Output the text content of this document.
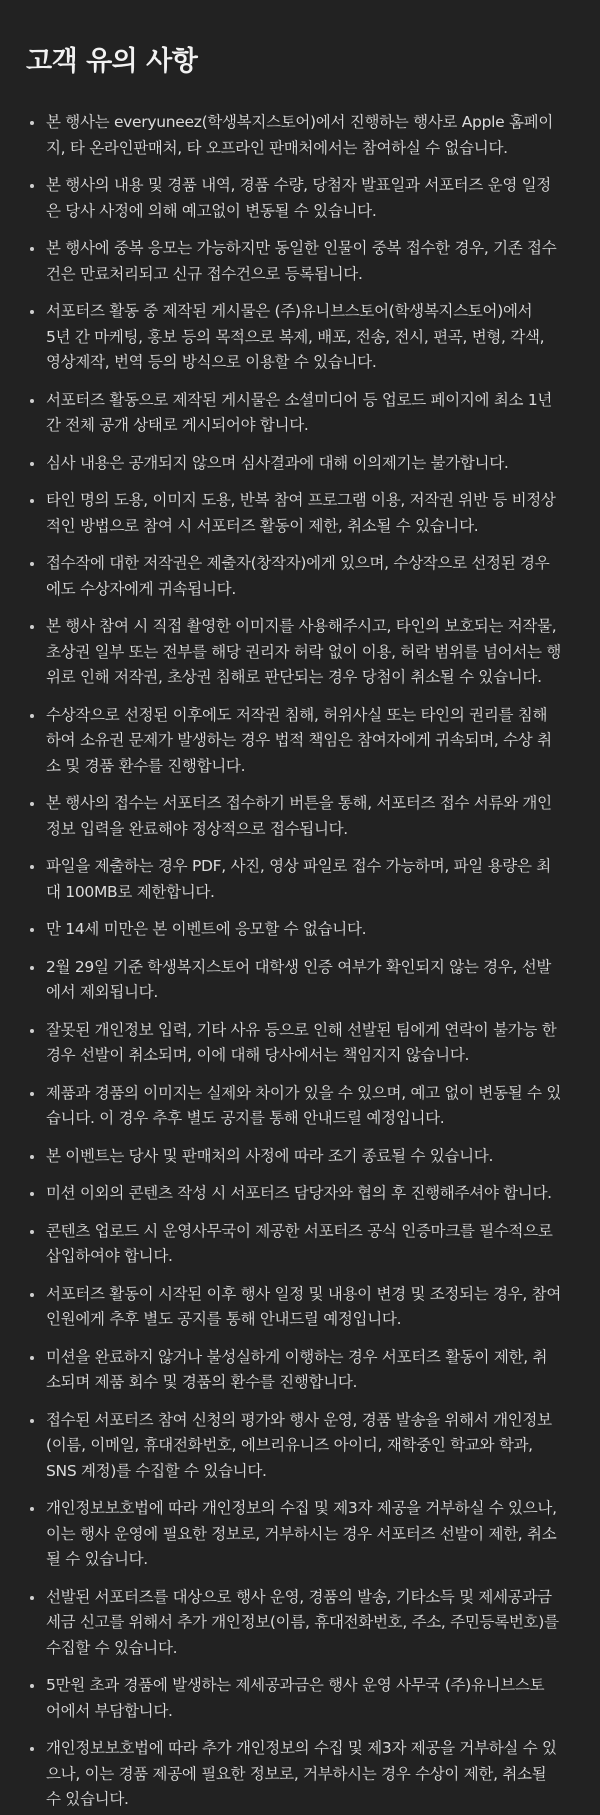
고객 유의 사항
본 행사는 everyuneez(학생복지스토어)에서 진행하는 행사로 Apple 홈페이
지, 타 온라인판매처, 타 오프라인 판매처에서는 참여하실 수 없습니다.
본 행사의 내용 및 경품 내역, 경품 수량, 당첨자 발표일과 서포터즈 운영 일정
은 당사 사정에 의해 예고없이 변동될 수 있습니다.
본 행사에 중복 응모는 가능하지만 동일한 인물이 중복 접수한 경우, 기존 접수
건은 만료처리되고 신규 접수건으로 등록됩니다.
서포터즈 활동 중 제작된 게시물은 (주)유니브스토어(학생복지스토어)에서
5년 간 마케팅, 홍보 등의 목적으로 복제, 배포, 전송, 전시, 편곡, 변형, 각색,
영상제작, 번역 등의 방식으로 이용할 수 있습니다.
서포터즈 활동으로 제작된 게시물은 소셜미디어 등 업로드 페이지에 최소 1년
간 전체 공개 상태로 게시되어야 합니다.
심사 내용은 공개되지 않으며 심사결과에 대해 이의제기는 불가합니다.
타인 명의 도용, 이미지 도용, 반복 참여 프로그램 이용, 저작권 위반 등 비정상
적인 방법으로 참여 시 서포터즈 활동이 제한, 취소될 수 있습니다.
접수작에 대한 저작권은 제출자(창작자)에게 있으며, 수상작으로 선정된 경우
에도 수상자에게 귀속됩니다.
본 행사 참여 시 직접 촬영한 이미지를 사용해주시고, 타인의 보호되는 저작물,
초상권 일부 또는 전부를 해당 권리자 허락 없이 이용, 허락 범위를 넘어서는 행
위로 인해 저작권, 초상권 침해로 판단되는 경우 당첨이 취소될 수 있습니다.
수상작으로 선정된 이후에도 저작권 침해, 허위사실 또는 타인의 권리를 침해
하여 소유권 문제가 발생하는 경우 법적 책임은 참여자에게 귀속되며, 수상 취
소 및 경품 환수를 진행합니다.
본 행사의 접수는 서포터즈 접수하기 버튼을 통해, 서포터즈 접수 서류와 개인
정보 입력을 완료해야 정상적으로 접수됩니다.
파일을 제출하는 경우 PDF, 사진, 영상 파일로 접수 가능하며, 파일 용량은 최
대 100MB로 제한합니다.
만 14세 미만은 본 이벤트에 응모할 수 없습니다.
2월 29일 기준 학생복지스토어 대학생 인증 여부가 확인되지 않는 경우, 선발
에서 제외됩니다.
잘못된 개인정보 입력, 기타 사유 등으로 인해 선발된 팀에게 연락이 불가능 한
경우 선발이 취소되며, 이에 대해 당사에서는 책임지지 않습니다.
제품과 경품의 이미지는 실제와 차이가 있을 수 있으며, 예고 없이 변동될 수 있
습니다. 이 경우 추후 별도 공지를 통해 안내드릴 예정입니다.
본 이벤트는 당사 및 판매처의 사정에 따라 조기 종료될 수 있습니다.
미션 이외의 콘텐츠 작성 시 서포터즈 담당자와 협의 후 진행해주셔야 합니다.
콘텐츠 업로드 시 운영사무국이 제공한 서포터즈 공식 인증마크를 필수적으로
삽입하여야 합니다.
서포터즈 활동이 시작된 이후 행사 일정 및 내용이 변경 및 조정되는 경우, 참여
인원에게 추후 별도 공지를 통해 안내드릴 예정입니다.
미션을 완료하지 않거나 불성실하게 이행하는 경우 서포터즈 활동이 제한, 취
소되며 제품 회수 및 경품의 환수를 진행합니다.
접수된 서포터즈 참여 신청의 평가와 행사 운영, 경품 발송을 위해서 개인정보
(이름, 이메일, 휴대전화번호, 에브리유니즈 아이디, 재학중인 학교와 학과,
SNS 계정)를 수집할 수 있습니다.
개인정보보호법에 따라 개인정보의 수집 및 제3자 제공을 거부하실 수 있으나,
이는 행사 운영에 필요한 정보로, 거부하시는 경우 서포터즈 선발이 제한, 취소
될 수 있습니다.
선발된 서포터즈를 대상으로 행사 운영, 경품의 발송, 기타소득 및 제세공과금
세금 신고를 위해서 추가 개인정보(이름, 휴대전화번호, 주소, 주민등록번호)를
수집할 수 있습니다.
5만원 초과 경품에 발생하는 제세공과금은 행사 운영 사무국 (주)유니브스토
어에서 부담합니다.
개인정보보호법에 따라 추가 개인정보의 수집 및 제3자 제공을 거부하실 수 있
으나, 이는 경품 제공에 필요한 정보로, 거부하시는 경우 수상이 제한, 취소될
수 있습니다.
